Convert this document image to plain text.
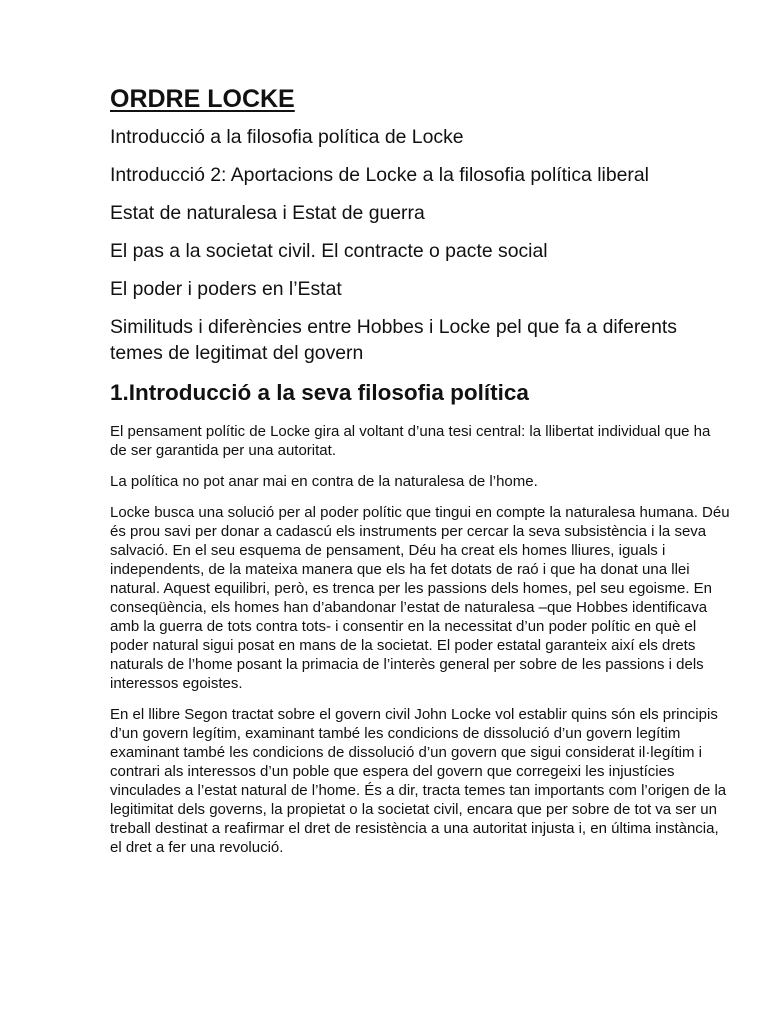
ORDRE LOCKE
Introducció a la filosofia política de Locke
Introducció 2: Aportacions de Locke a la filosofia política liberal
Estat de naturalesa i Estat de guerra
El pas a la societat civil. El contracte o pacte social
El poder i poders en l’Estat
Similituds i diferències entre Hobbes i Locke pel que fa a diferents temes de legitimat del govern
1.Introducció a la seva filosofia política

El pensament polític de Locke gira al voltant d’una tesi central: la llibertat individual que ha de ser garantida per una autoritat.

La política no pot anar mai en contra de la naturalesa de l’home.

Locke busca una solució per al poder polític que tingui en compte la naturalesa humana. Déu és prou savi per donar a cadascú els instruments per cercar la seva subsistència i la seva salvació. En el seu esquema de pensament, Déu ha creat els homes lliures, iguals i independents, de la mateixa manera que els ha fet dotats de raó i que ha donat una llei natural. Aquest equilibri, però, es trenca per les passions dels homes, pel seu egoisme. En conseqüència, els homes han d’abandonar l’estat de naturalesa –que Hobbes identificava amb la guerra de tots contra tots- i consentir en la necessitat d’un poder polític en què el poder natural sigui posat en mans de la societat. El poder estatal garanteix així els drets naturals de l’home posant la primacia de l’interès general per sobre de les passions i dels interessos egoistes.

En el llibre Segon tractat sobre el govern civil John Locke vol establir quins són els principis d’un govern legítim, examinant també les condicions de dissolució d’un govern legítim examinant també les condicions de dissolució d’un govern que sigui considerat il·legítim i contrari als interessos d’un poble que espera del govern que corregeixi les injustícies vinculades a l’estat natural de l’home. És a dir, tracta temes tan importants com l’origen de la legitimitat dels governs, la propietat o la societat civil, encara que per sobre de tot va ser un treball destinat a reafirmar el dret de resistència a una autoritat injusta i, en última instància, el dret a fer una revolució.
